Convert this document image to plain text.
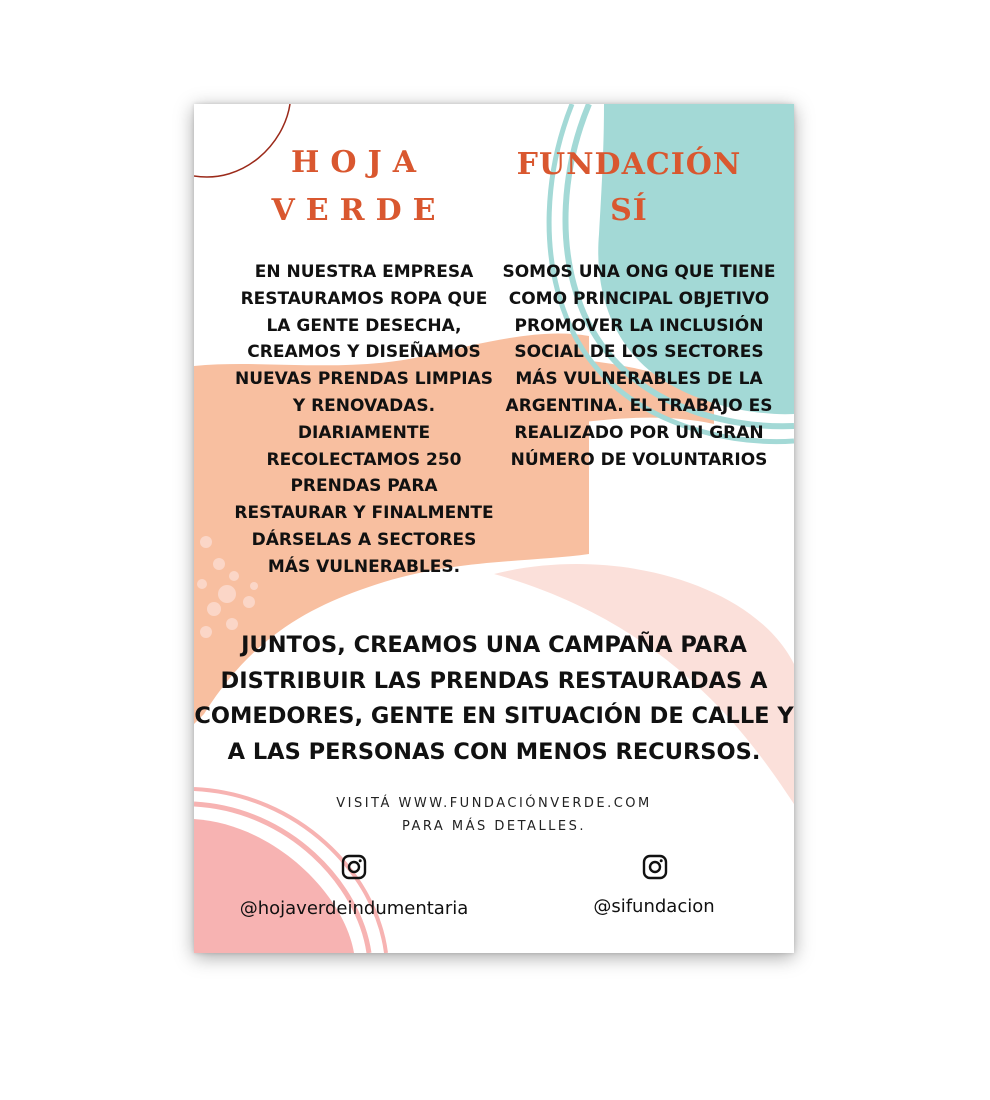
HOJA VERDE
FUNDACIÓN SÍ

EN NUESTRA EMPRESA RESTAURAMOS ROPA QUE LA GENTE DESECHA, CREAMOS Y DISEÑAMOS NUEVAS PRENDAS LIMPIAS Y RENOVADAS. DIARIAMENTE RECOLECTAMOS 250 PRENDAS PARA RESTAURAR Y FINALMENTE DÁRSELAS A SECTORES MÁS VULNERABLES.

SOMOS UNA ONG QUE TIENE COMO PRINCIPAL OBJETIVO PROMOVER LA INCLUSIÓN SOCIAL DE LOS SECTORES MÁS VULNERABLES DE LA ARGENTINA. EL TRABAJO ES REALIZADO POR UN GRAN NÚMERO DE VOLUNTARIOS

JUNTOS, CREAMOS UNA CAMPAÑA PARA DISTRIBUIR LAS PRENDAS RESTAURADAS A COMEDORES, GENTE EN SITUACIÓN DE CALLE Y A LAS PERSONAS CON MENOS RECURSOS.

VISITÁ WWW.FUNDACIÓNVERDE.COM
PARA MÁS DETALLES.
@hojaverdeindumentaria	@sifundacion
